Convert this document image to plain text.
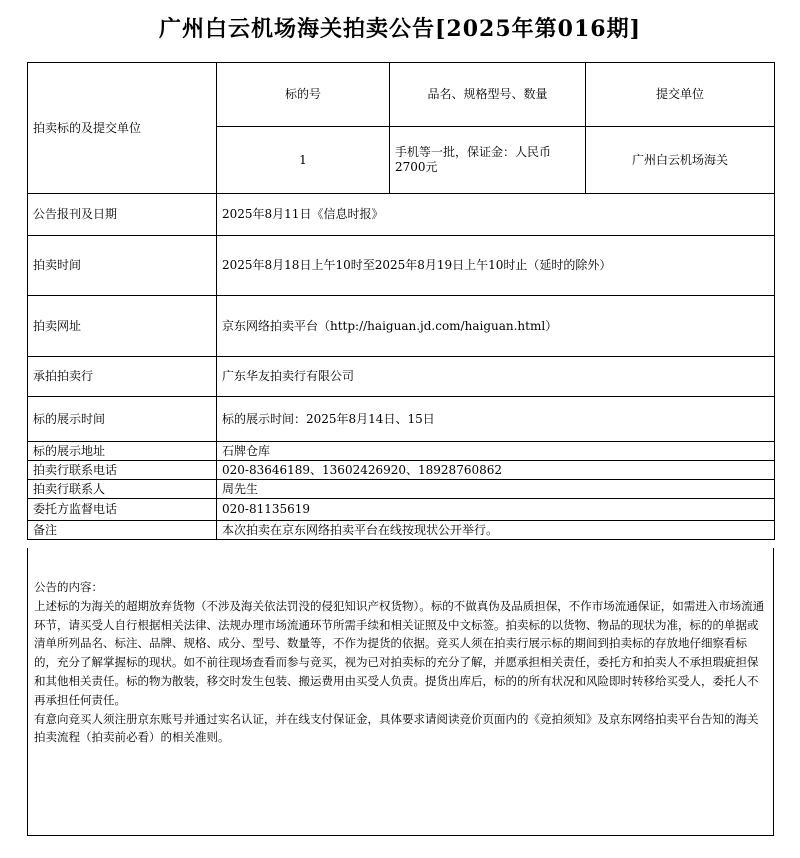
广州白云机场海关拍卖公告[2025年第016期]
拍卖标的及提交单位	标的号	品名、规格型号、数量	提交单位
	1	手机等一批，保证金：人民币2700元	广州白云机场海关
公告报刊及日期	2025年8月11日《信息时报》		
拍卖时间	2025年8月18日上午10时至2025年8月19日上午10时止（延时的除外）		
拍卖网址	京东网络拍卖平台（http://haiguan.jd.com/haiguan.html）		
承拍拍卖行	广东华友拍卖行有限公司		
标的展示时间	标的展示时间：2025年8月14日、15日		
标的展示地址	石牌仓库		
拍卖行联系电话	020-83646189、13602426920、18928760862		
拍卖行联系人	周先生		
委托方监督电话	020-81135619		
备注	本次拍卖在京东网络拍卖平台在线按现状公开举行。		

公告的内容：

上述标的为海关的超期放弃货物（不涉及海关依法罚没的侵犯知识产权货物）。标的不做真伪及品质担保，不作市场流通保证，如需进入市场流通环节，请买受人自行根据相关法律、法规办理市场流通环节所需手续和相关证照及中文标签。拍卖标的以货物、物品的现状为准，标的的单据或清单所列品名、标注、品牌、规格、成分、型号、数量等，不作为提货的依据。竞买人须在拍卖行展示标的期间到拍卖标的存放地仔细察看标的，充分了解掌握标的现状。如不前往现场查看而参与竞买，视为已对拍卖标的充分了解，并愿承担相关责任，委托方和拍卖人不承担瑕疵担保和其他相关责任。标的物为散装，移交时发生包装、搬运费用由买受人负责。提货出库后，标的的所有状况和风险即时转移给买受人，委托人不再承担任何责任。

有意向竞买人须注册京东账号并通过实名认证，并在线支付保证金，具体要求请阅读竞价页面内的《竞拍须知》及京东网络拍卖平台告知的海关拍卖流程（拍卖前必看）的相关准则。
